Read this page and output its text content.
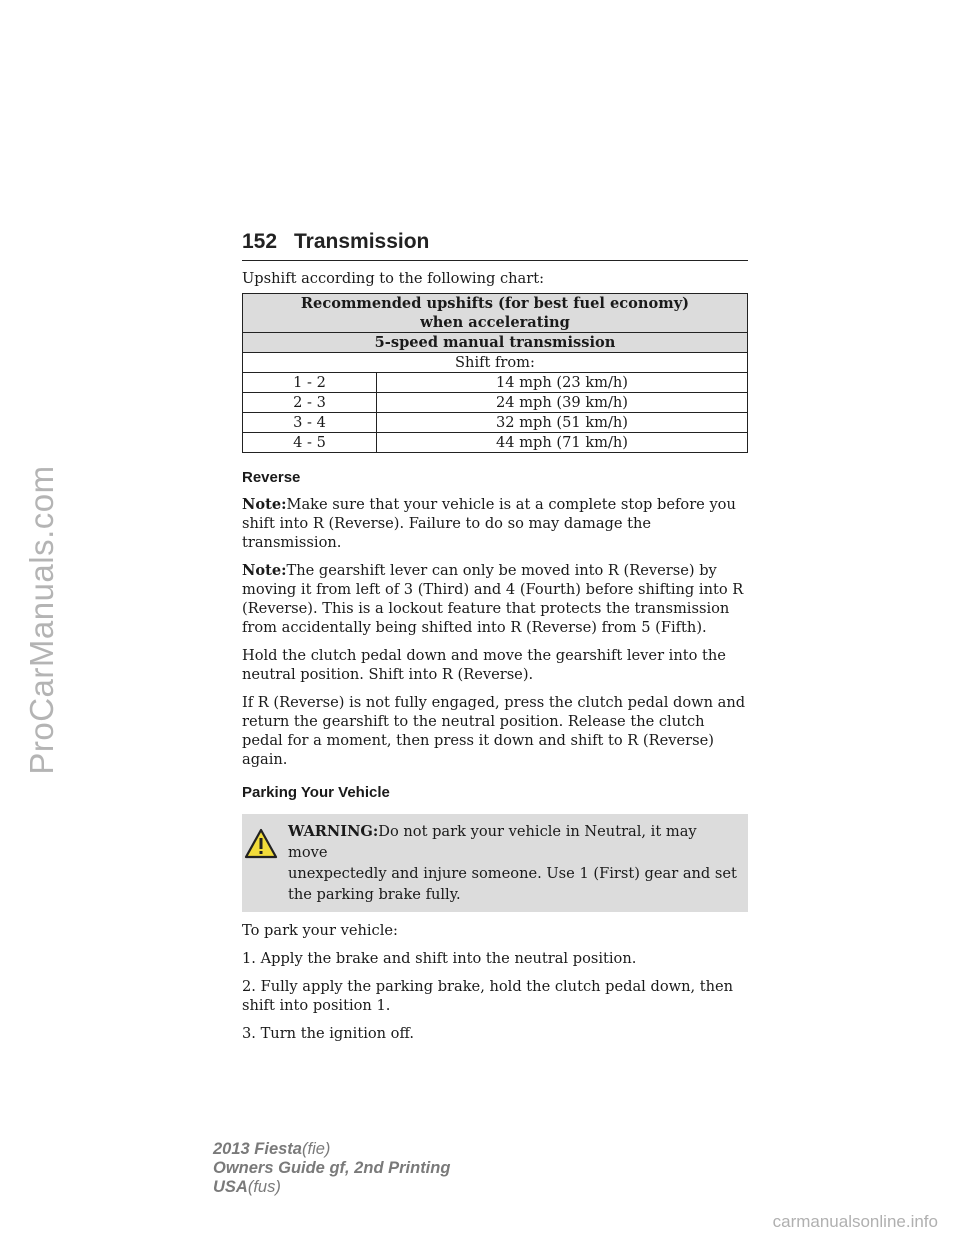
ProCarManuals.com
carmanualsonline.info
152 Transmission

Upshift according to the following chart:

Recommended upshifts (for best fuel economy) when accelerating	
5-speed manual transmission	
Shift from:	
1 - 2	14 mph (23 km/h)
2 - 3	24 mph (39 km/h)
3 - 4	32 mph (51 km/h)
4 - 5	44 mph (71 km/h)
Reverse

Note:Make sure that your vehicle is at a complete stop before you shift into R (Reverse). Failure to do so may damage the transmission.

Note:The gearshift lever can only be moved into R (Reverse) by moving it from left of 3 (Third) and 4 (Fourth) before shifting into R (Reverse). This is a lockout feature that protects the transmission from accidentally being shifted into R (Reverse) from 5 (Fifth).

Hold the clutch pedal down and move the gearshift lever into the neutral position. Shift into R (Reverse).

If R (Reverse) is not fully engaged, press the clutch pedal down and return the gearshift to the neutral position. Release the clutch pedal for a moment, then press it down and shift to R (Reverse) again.

Parking Your Vehicle
WARNING:Do not park your vehicle in Neutral, it may move
unexpectedly and injure someone. Use 1 (First) gear and set the parking brake fully.

To park your vehicle:

1. Apply the brake and shift into the neutral position.

2. Fully apply the parking brake, hold the clutch pedal down, then shift into position 1.

3. Turn the ignition off.

2013 Fiesta(fie)
Owners Guide gf, 2nd Printing
USA(fus)
